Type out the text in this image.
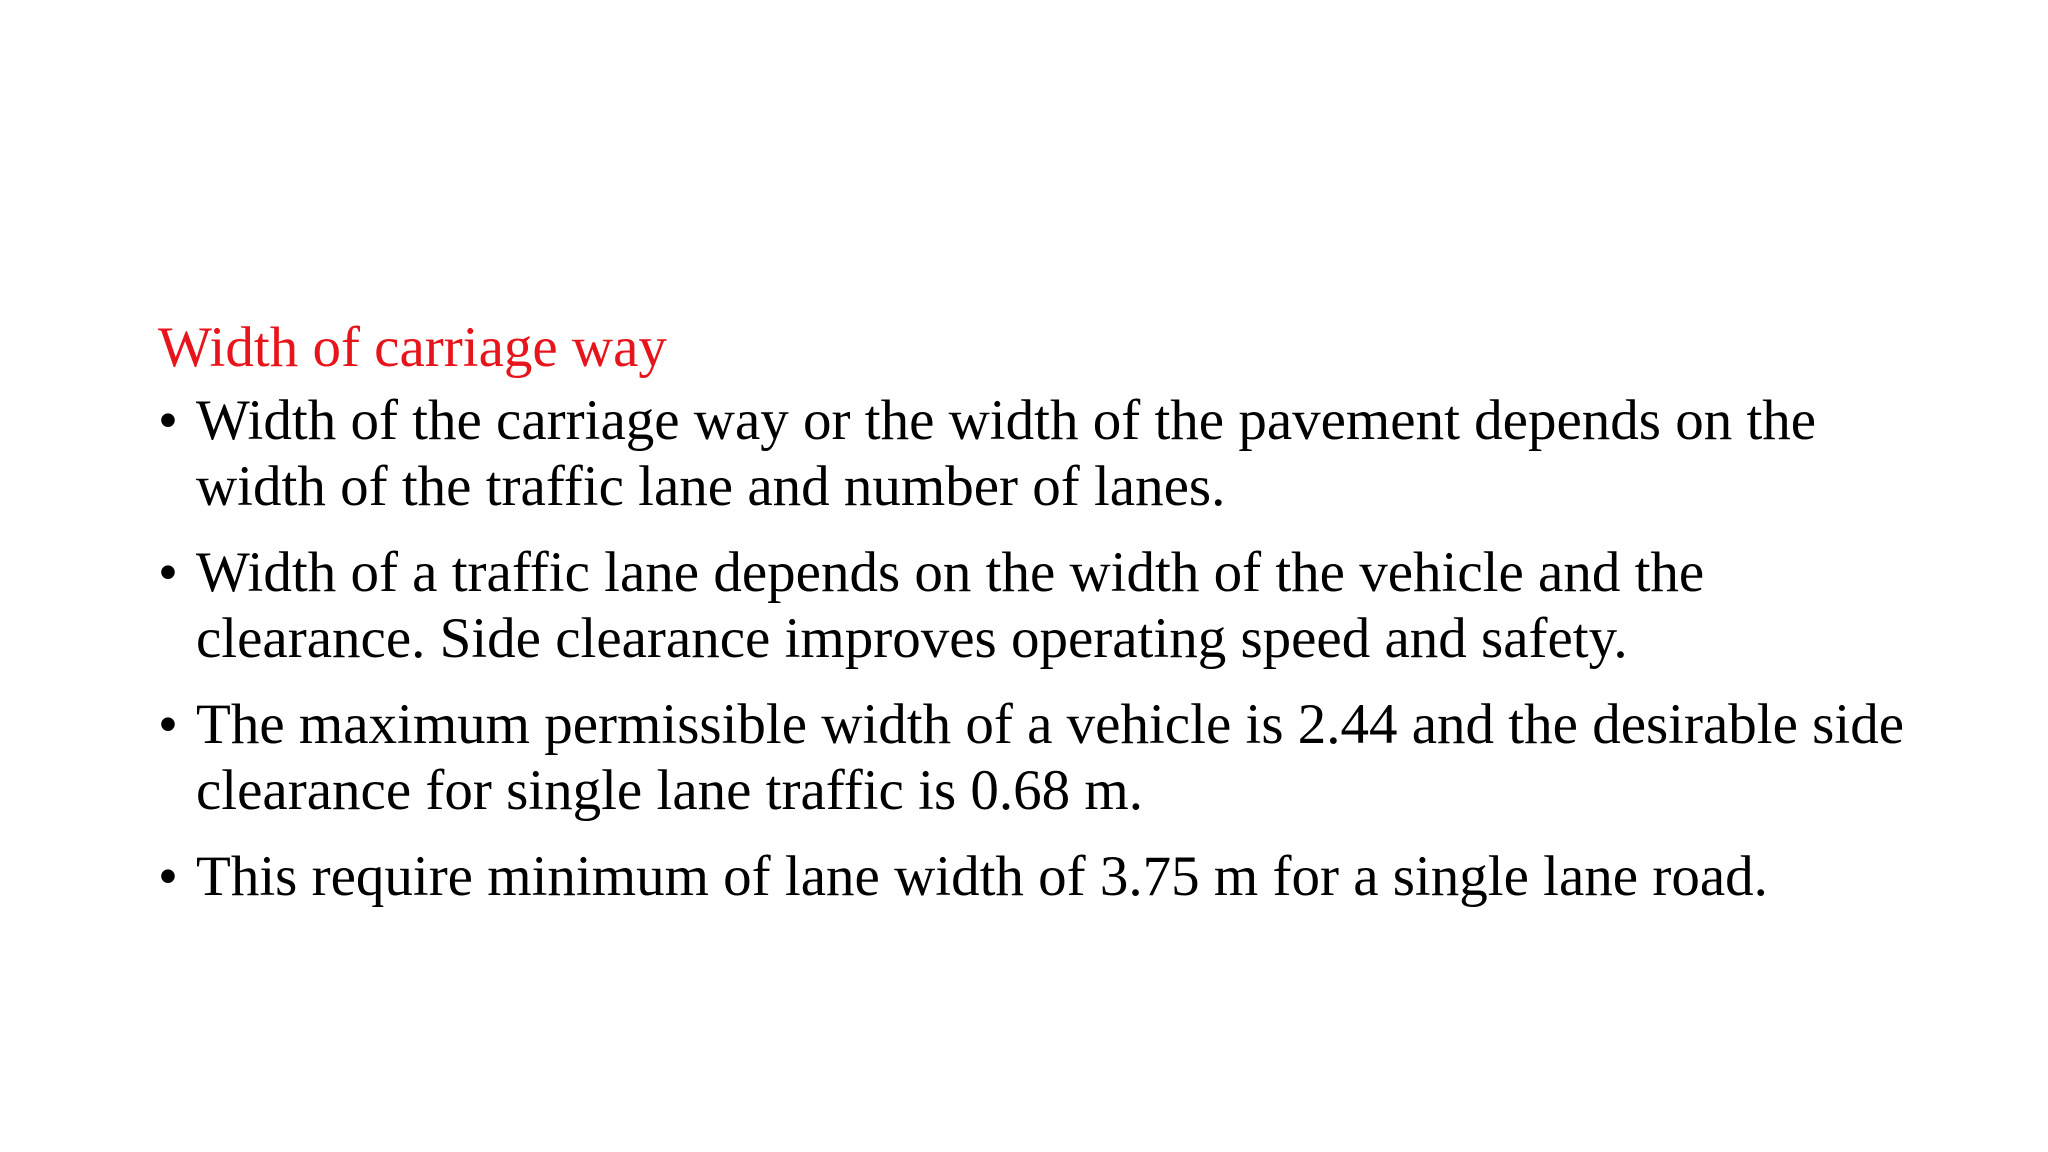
Width of carriage way
• Width of the carriage way or the width of the pavement depends on the width of the traffic lane and number of lanes.
• Width of a traffic lane depends on the width of the vehicle and the clearance. Side clearance improves operating speed and safety.
• The maximum permissible width of a vehicle is 2.44 and the desirable side clearance for single lane traffic is 0.68 m.
• This require minimum of lane width of 3.75 m for a single lane road.
